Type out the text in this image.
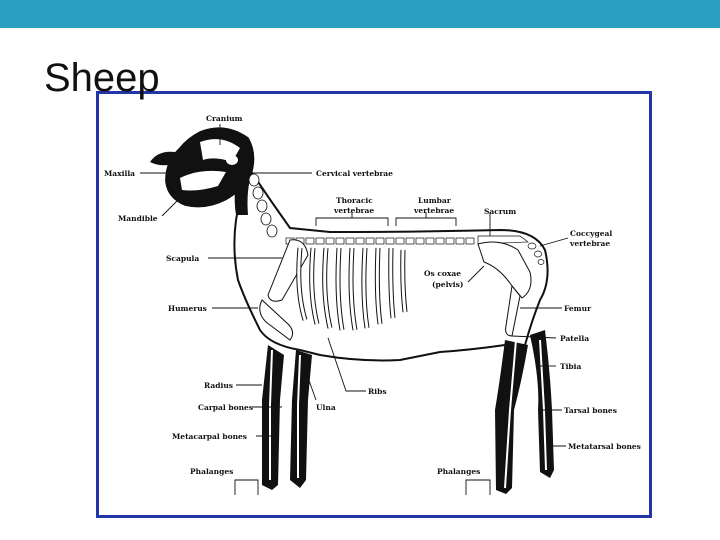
Sheep
Cranium
Maxilla
Mandible
Cervical vertebrae
Thoracic
vertebrae
Lumbar
vertebrae	Sacrum
Coccygeal
vertebrae
Scapula
Os coxae
(pelvis)
Humerus	Femur
Patella
Tibia
Radius
Ribs
Carpal bones	Ulna	Tarsal bones
Metacarpal bones
Metatarsal bones
Phalanges	Phalanges
